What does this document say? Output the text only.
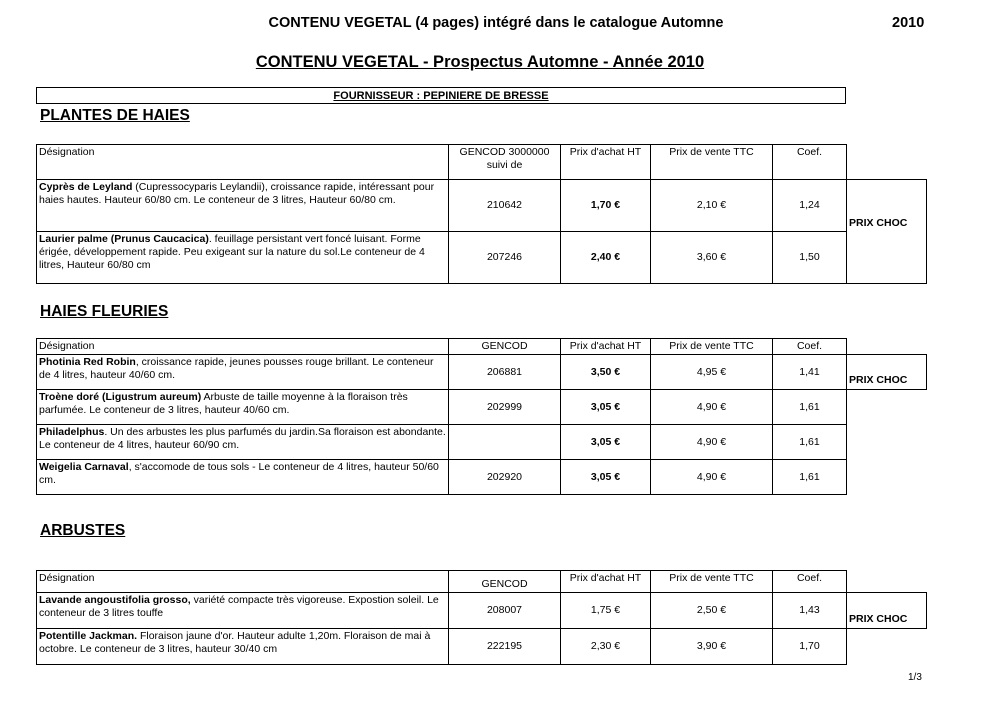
CONTENU VEGETAL (4 pages) intégré dans le catalogue Automne	2010
CONTENU VEGETAL - Prospectus Automne - Année 2010
FOURNISSEUR : PEPINIERE DE BRESSE
PLANTES DE HAIES
Désignation	GENCOD 3000000 suivi de	Prix d'achat HT	Prix de vente TTC	Coef.	
Cyprès de Leyland (Cupressocyparis Leylandii), croissance rapide, intéressant pour haies hautes. Hauteur 60/80 cm. Le conteneur de 3 litres, Hauteur 60/80 cm.	210642	1,70 €	2,10 €	1,24	PRIX CHOC
Laurier palme (Prunus Caucacica). feuillage persistant vert foncé luisant. Forme érigée, développement rapide. Peu exigeant sur la nature du sol.Le conteneur de 4 litres, Hauteur 60/80 cm	207246	2,40 €	3,60 €	1,50	
HAIES FLEURIES
Désignation	GENCOD	Prix d'achat HT	Prix de vente TTC	Coef.	
Photinia Red Robin, croissance rapide, jeunes pousses rouge brillant. Le conteneur de 4 litres, hauteur 40/60 cm.	206881	3,50 €	4,95 €	1,41	PRIX CHOC
Troène doré (Ligustrum aureum) Arbuste de taille moyenne à la floraison très parfumée. Le conteneur de 3 litres, hauteur 40/60 cm.	202999	3,05 €	4,90 €	1,61	
Philadelphus. Un des arbustes les plus parfumés du jardin.Sa floraison est abondante. Le conteneur de 4 litres, hauteur 60/90 cm.		3,05 €	4,90 €	1,61	
Weigelia Carnaval, s'accomode de tous sols - Le conteneur de 4 litres, hauteur 50/60 cm.	202920	3,05 €	4,90 €	1,61	
ARBUSTES
Désignation	GENCOD	Prix d'achat HT	Prix de vente TTC	Coef.	
Lavande angoustifolia grosso, variété compacte très vigoreuse. Expostion soleil. Le conteneur de 3 litres touffe	208007	1,75 €	2,50 €	1,43	PRIX CHOC
Potentille Jackman. Floraison jaune d'or. Hauteur adulte 1,20m. Floraison de mai à octobre. Le conteneur de 3 litres, hauteur 30/40 cm	222195	2,30 €	3,90 €	1,70	
1/3
